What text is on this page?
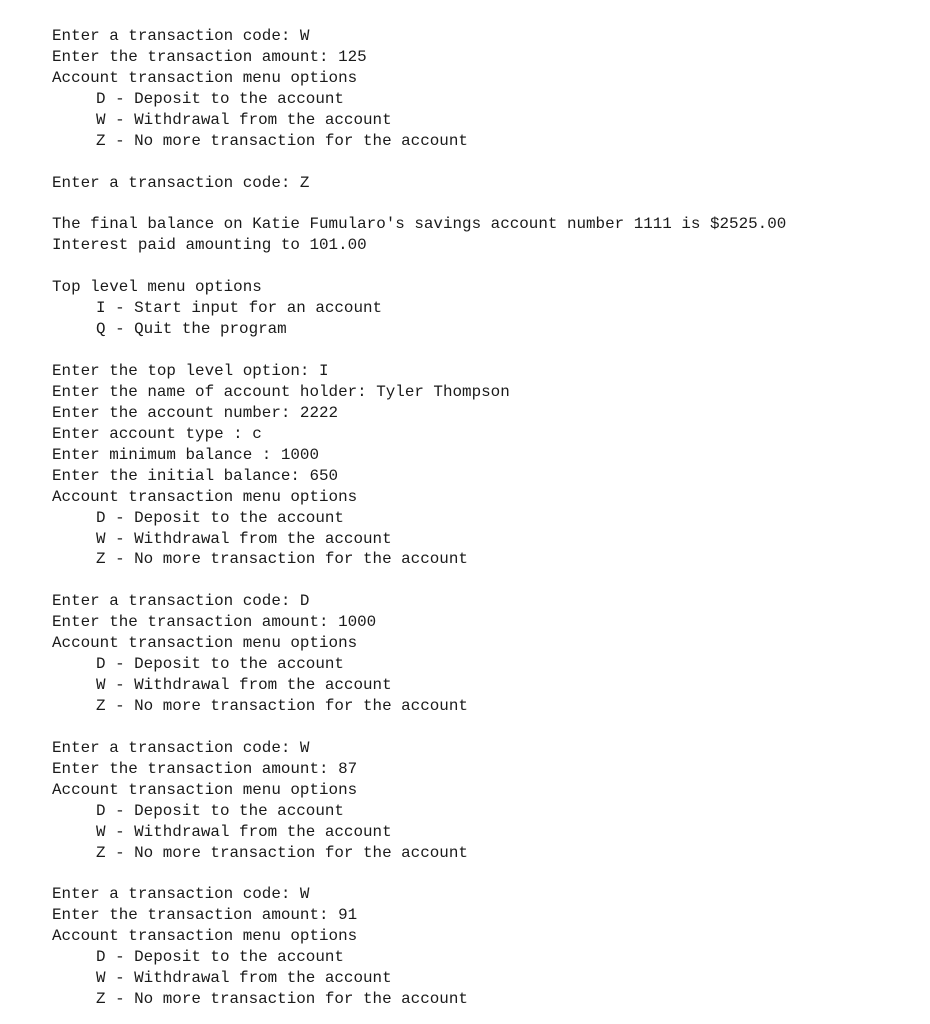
Enter a transaction code: W
Enter the transaction amount: 125
Account transaction menu options
D - Deposit to the account
W - Withdrawal from the account
Z - No more transaction for the account
Enter a transaction code: Z
The final balance on Katie Fumularo's savings account number 1111 is $2525.00
Interest paid amounting to 101.00
Top level menu options
I - Start input for an account
Q - Quit the program
Enter the top level option: I
Enter the name of account holder: Tyler Thompson
Enter the account number: 2222
Enter account type : c
Enter minimum balance : 1000
Enter the initial balance: 650
Account transaction menu options
D - Deposit to the account
W - Withdrawal from the account
Z - No more transaction for the account
Enter a transaction code: D
Enter the transaction amount: 1000
Account transaction menu options
D - Deposit to the account
W - Withdrawal from the account
Z - No more transaction for the account
Enter a transaction code: W
Enter the transaction amount: 87
Account transaction menu options
D - Deposit to the account
W - Withdrawal from the account
Z - No more transaction for the account
Enter a transaction code: W
Enter the transaction amount: 91
Account transaction menu options
D - Deposit to the account
W - Withdrawal from the account
Z - No more transaction for the account
